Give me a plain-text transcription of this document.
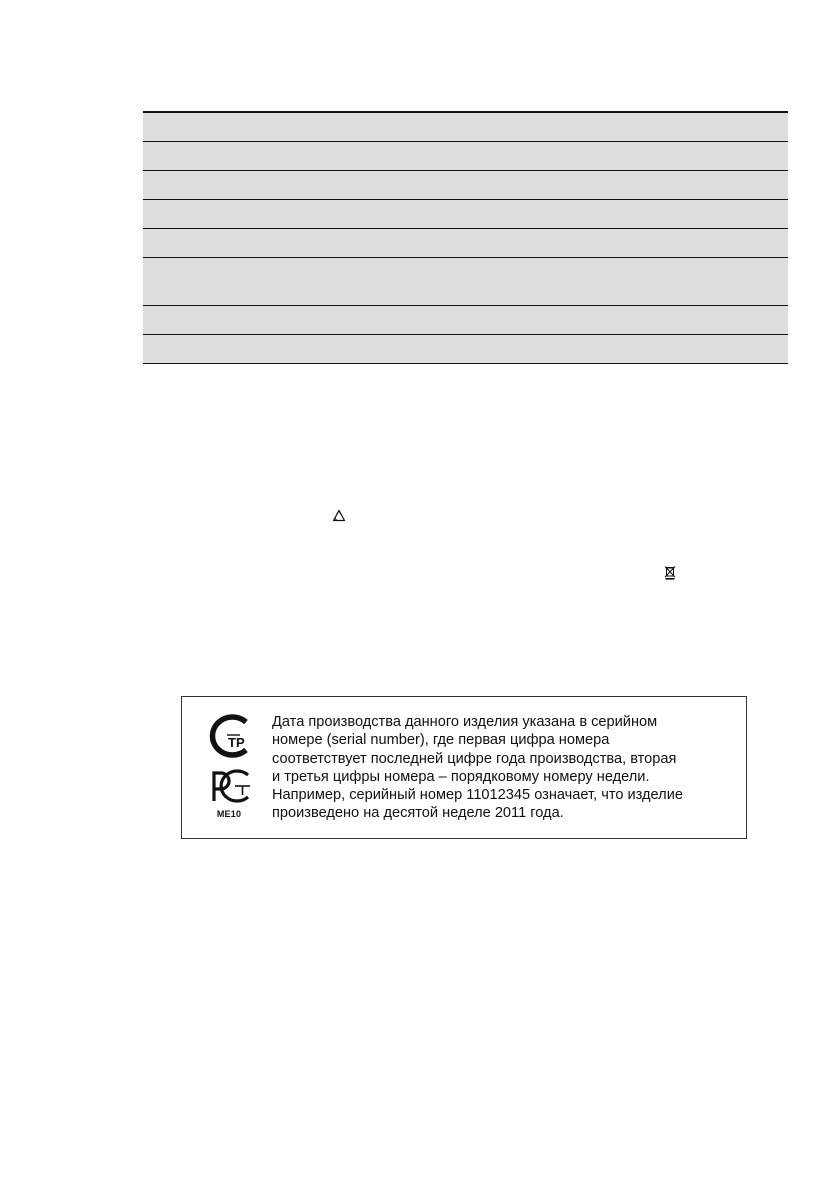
TP
PCT
ME10
Дата производства данного изделия указана в серийном
номере (serial number), где первая цифра номера
соответствует последней цифре года производства, вторая
и третья цифры номера – порядковому номеру недели.
Например, серийный номер 11012345 означает, что изделие
произведено на десятой неделе 2011 года.
